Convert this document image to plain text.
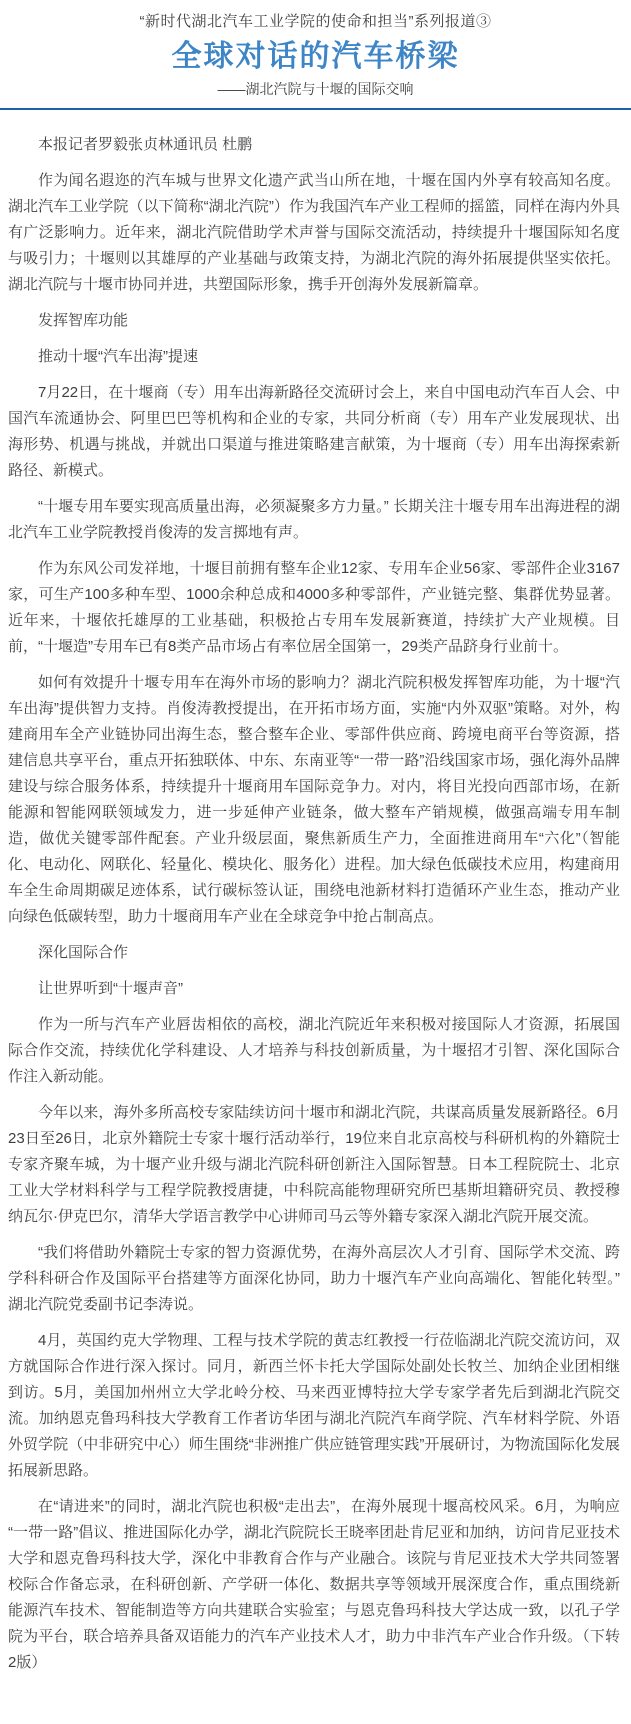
“新时代湖北汽车工业学院的使命和担当”系列报道③
全球对话的汽车桥梁
——湖北汽院与十堰的国际交响

本报记者罗毅张贞林通讯员 杜鹏

作为闻名遐迩的汽车城与世界文化遗产武当山所在地，十堰在国内外享有较高知名度。湖北汽车工业学院（以下简称“湖北汽院”）作为我国汽车产业工程师的摇篮，同样在海内外具有广泛影响力。近年来，湖北汽院借助学术声誉与国际交流活动，持续提升十堰国际知名度与吸引力；十堰则以其雄厚的产业基础与政策支持，为湖北汽院的海外拓展提供坚实依托。湖北汽院与十堰市协同并进，共塑国际形象，携手开创海外发展新篇章。

发挥智库功能

推动十堰“汽车出海”提速

7月22日，在十堰商（专）用车出海新路径交流研讨会上，来自中国电动汽车百人会、中国汽车流通协会、阿里巴巴等机构和企业的专家，共同分析商（专）用车产业发展现状、出海形势、机遇与挑战，并就出口渠道与推进策略建言献策，为十堰商（专）用车出海探索新路径、新模式。

“十堰专用车要实现高质量出海，必须凝聚多方力量。” 长期关注十堰专用车出海进程的湖北汽车工业学院教授肖俊涛的发言掷地有声。

作为东风公司发祥地，十堰目前拥有整车企业12家、专用车企业56家、零部件企业3167家，可生产100多种车型、1000余种总成和4000多种零部件，产业链完整、集群优势显著。近年来，十堰依托雄厚的工业基础，积极抢占专用车发展新赛道，持续扩大产业规模。目前，“十堰造”专用车已有8类产品市场占有率位居全国第一，29类产品跻身行业前十。

如何有效提升十堰专用车在海外市场的影响力？湖北汽院积极发挥智库功能，为十堰“汽车出海”提供智力支持。肖俊涛教授提出，在开拓市场方面，实施“内外双驱”策略。对外，构建商用车全产业链协同出海生态，整合整车企业、零部件供应商、跨境电商平台等资源，搭建信息共享平台，重点开拓独联体、中东、东南亚等“一带一路”沿线国家市场，强化海外品牌建设与综合服务体系，持续提升十堰商用车国际竞争力。对内，将目光投向西部市场，在新能源和智能网联领域发力，进一步延伸产业链条，做大整车产销规模，做强高端专用车制造，做优关键零部件配套。产业升级层面，聚焦新质生产力，全面推进商用车“六化”（智能化、电动化、网联化、轻量化、模块化、服务化）进程。加大绿色低碳技术应用，构建商用车全生命周期碳足迹体系，试行碳标签认证，围绕电池新材料打造循环产业生态，推动产业向绿色低碳转型，助力十堰商用车产业在全球竞争中抢占制高点。

深化国际合作

让世界听到“十堰声音”

作为一所与汽车产业唇齿相依的高校，湖北汽院近年来积极对接国际人才资源，拓展国际合作交流，持续优化学科建设、人才培养与科技创新质量，为十堰招才引智、深化国际合作注入新动能。

今年以来，海外多所高校专家陆续访问十堰市和湖北汽院，共谋高质量发展新路径。6月23日至26日，北京外籍院士专家十堰行活动举行，19位来自北京高校与科研机构的外籍院士专家齐聚车城，为十堰产业升级与湖北汽院科研创新注入国际智慧。日本工程院院士、北京工业大学材料科学与工程学院教授唐捷，中科院高能物理研究所巴基斯坦籍研究员、教授穆纳瓦尔·伊克巴尔，清华大学语言教学中心讲师司马云等外籍专家深入湖北汽院开展交流。

“我们将借助外籍院士专家的智力资源优势，在海外高层次人才引育、国际学术交流、跨学科科研合作及国际平台搭建等方面深化协同，助力十堰汽车产业向高端化、智能化转型。” 湖北汽院党委副书记李涛说。

4月，英国约克大学物理、工程与技术学院的黄志红教授一行莅临湖北汽院交流访问，双方就国际合作进行深入探讨。同月，新西兰怀卡托大学国际处副处长牧兰、加纳企业团相继到访。5月，美国加州州立大学北岭分校、马来西亚博特拉大学专家学者先后到湖北汽院交流。加纳恩克鲁玛科技大学教育工作者访华团与湖北汽院汽车商学院、汽车材料学院、外语外贸学院（中非研究中心）师生围绕“非洲推广供应链管理实践”开展研讨，为物流国际化发展拓展新思路。

在“请进来”的同时，湖北汽院也积极“走出去”，在海外展现十堰高校风采。6月，为响应“一带一路”倡议、推进国际化办学，湖北汽院院长王晓率团赴肯尼亚和加纳，访问肯尼亚技术大学和恩克鲁玛科技大学，深化中非教育合作与产业融合。该院与肯尼亚技术大学共同签署校际合作备忘录，在科研创新、产学研一体化、数据共享等领域开展深度合作，重点围绕新能源汽车技术、智能制造等方向共建联合实验室；与恩克鲁玛科技大学达成一致，以孔子学院为平台，联合培养具备双语能力的汽车产业技术人才，助力中非汽车产业合作升级。（下转2版）
